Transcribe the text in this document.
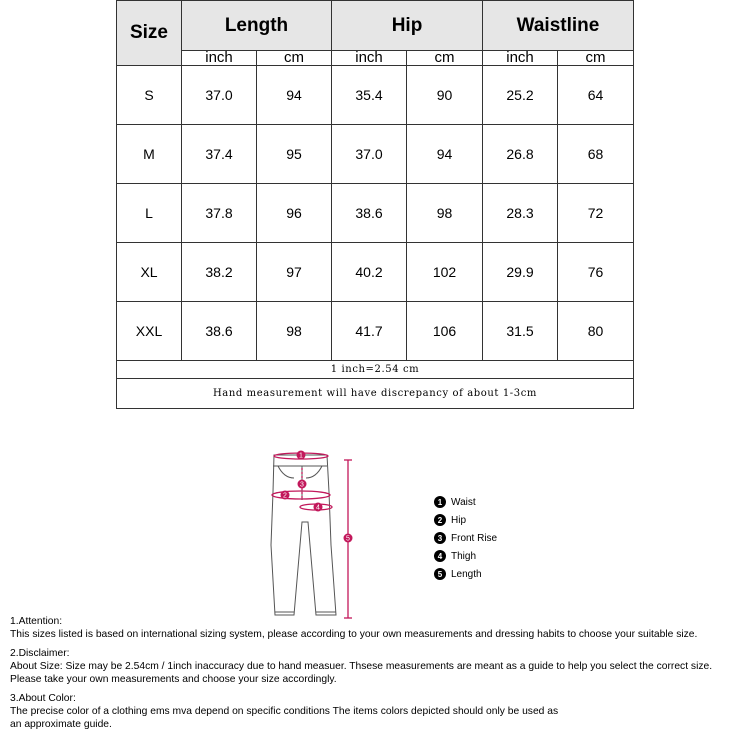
Size	Length		Hip		Waistline	
	inch	cm	inch	cm	inch	cm
S	37.0	94	35.4	90	25.2	64
M	37.4	95	37.0	94	26.8	68
L	37.8	96	38.6	98	28.3	72
XL	38.2	97	40.2	102	29.9	76
XXL	38.6	98	41.7	106	31.5	80
1 inch=2.54 cm						
Hand measurement will have discrepancy of about 1-3cm						
1
2
3
4
5
1 Waist
2 Hip
3 Front Rise
4 Thigh
5 Length

1.Attention:

This sizes listed is based on international sizing system, please according to your own measurements and dressing habits to choose your suitable size.

2.Disclaimer:

About Size: Size may be 2.54cm / 1inch inaccuracy due to hand measuer. Thsese measurements are meant as a guide to help you select the correct size.

Please take your own measurements and choose your size accordingly.

3.About Color:

The precise color of a clothing ems mva depend on specific conditions The items colors depicted should only be used as

an approximate guide.
